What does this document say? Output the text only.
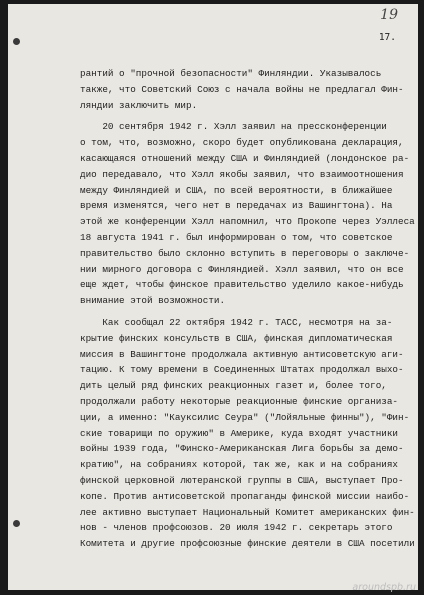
19
17.

рантий о "прочной безопасности" Финляндии. Указывалось
также, что Советский Союз с начала войны не предлагал Фин-
ляндии заключить мир.

20 сентября 1942 г. Хэлл заявил на прессконференции
о том, что, возможно, скоро будет опубликована декларация,
касающаяся отношений между США и Финляндией (лондонское ра-
дио передавало, что Хэлл якобы заявил, что взаимоотношения
между Финляндией и США, по всей вероятности, в ближайшее
время изменятся, чего нет в передачах из Вашингтона). На
этой же конференции Хэлл напомнил, что Прокопе через Уэллеса
18 августа 1941 г. был информирован о том, что советское
правительство было склонно вступить в переговоры о заключе-
нии мирного договора с Финляндией. Хэлл заявил, что он все
еще ждет, чтобы финское правительство уделило какое-нибудь
внимание этой возможности.

Как сообщал 22 октября 1942 г. ТАСС, несмотря на за-
крытие финских консульств в США, финская дипломатическая
миссия в Вашингтоне продолжала активную антисоветскую аги-
тацию. К тому времени в Соединенных Штатах продолжал выхо-
дить целый ряд финских реакционных газет и, более того,
продолжали работу некоторые реакционные финские организа-
ции, а именно: "Кауксилис Сеура" ("Лойяльные финны"), "Фин-
ские товарищи по оружию" в Америке, куда входят участники
войны 1939 года, "Финско-Американская Лига борьбы за демо-
кратию", на собраниях которой, так же, как и на собраниях
финской церковной лютеранской группы в США, выступает Про-
копе. Против антисоветской пропаганды финской миссии наибо-
лее активно выступает Национальный Комитет американских фин-
нов - членов профсоюзов. 20 июля 1942 г. секретарь этого
Комитета и другие профсоюзные финские деятели в США посетили

aroundspb.ru
